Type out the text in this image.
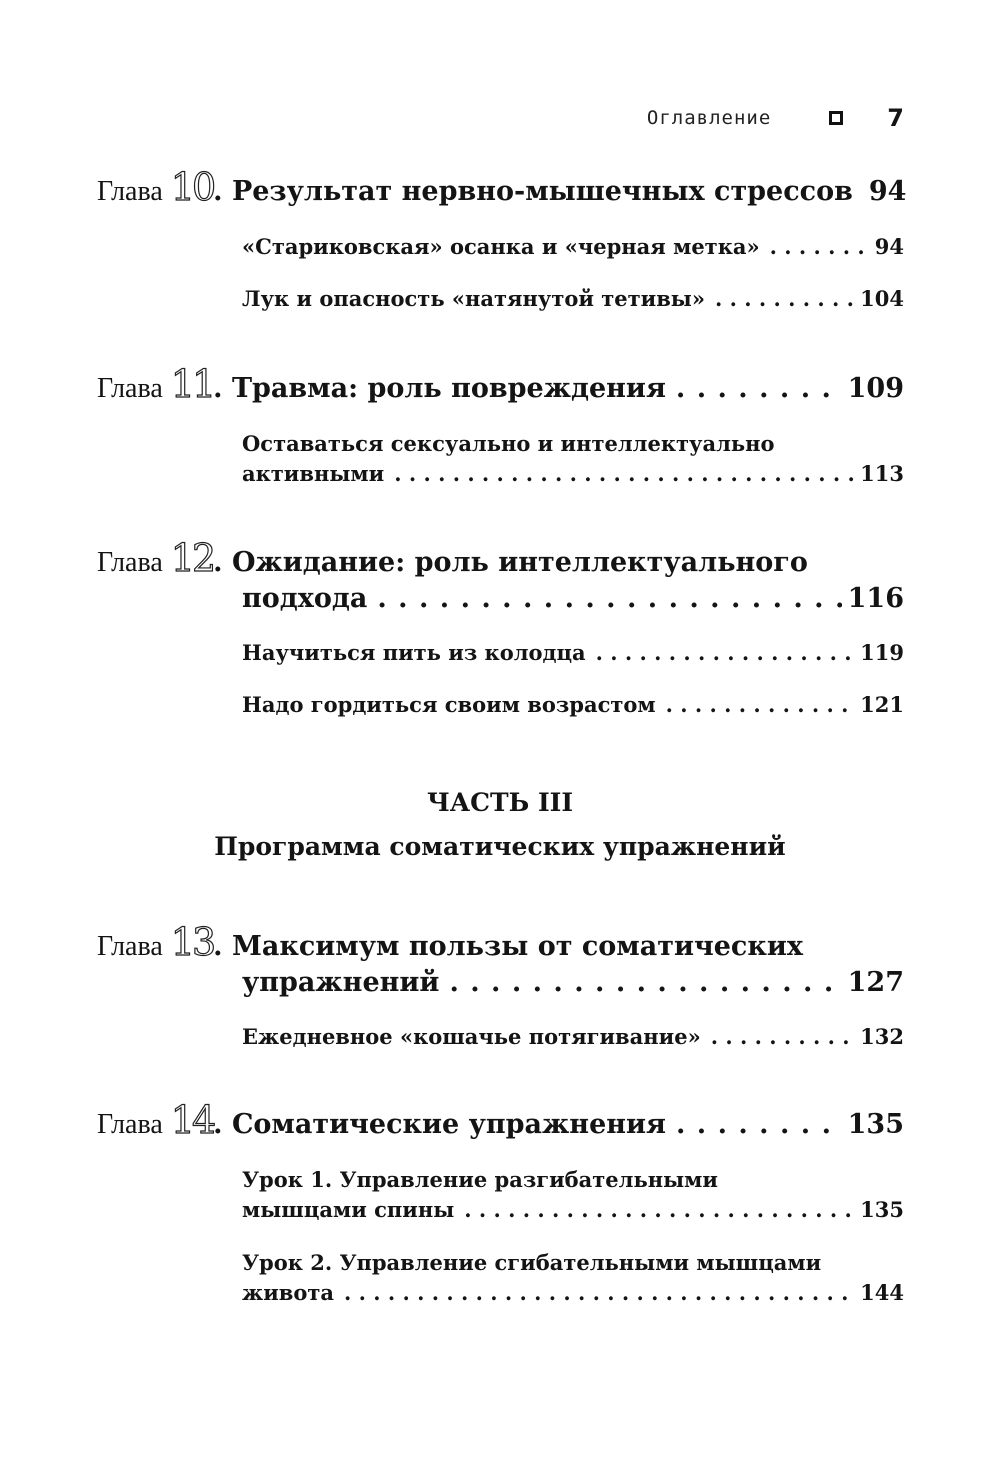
Оглавление	7
Глава 10 . Результат нервно-мышечных стрессов 94
«Стариковская» осанка и «черная метка» . . .	94
Лук и опасность «натянутой тетивы» . . .	104
Глава 11 . Травма: роль повреждения . . .	109
Оставаться сексуально и интеллектуально
активными . . .	113
Глава 12 . Ожидание: роль интеллектуального
подхода . . .	116
Научиться пить из колодца . . .	119
Надо гордиться своим возрастом . . .	121
ЧАСТЬ III
Программа соматических упражнений
Глава 13 . Максимум пользы от соматических
упражнений . . .	127
Ежедневное «кошачье потягивание» . . .	132
Глава 14 . Соматические упражнения . . .	135
Урок 1. Управление разгибательными
мышцами спины . . .	135
Урок 2. Управление сгибательными мышцами
живота . . .	144
